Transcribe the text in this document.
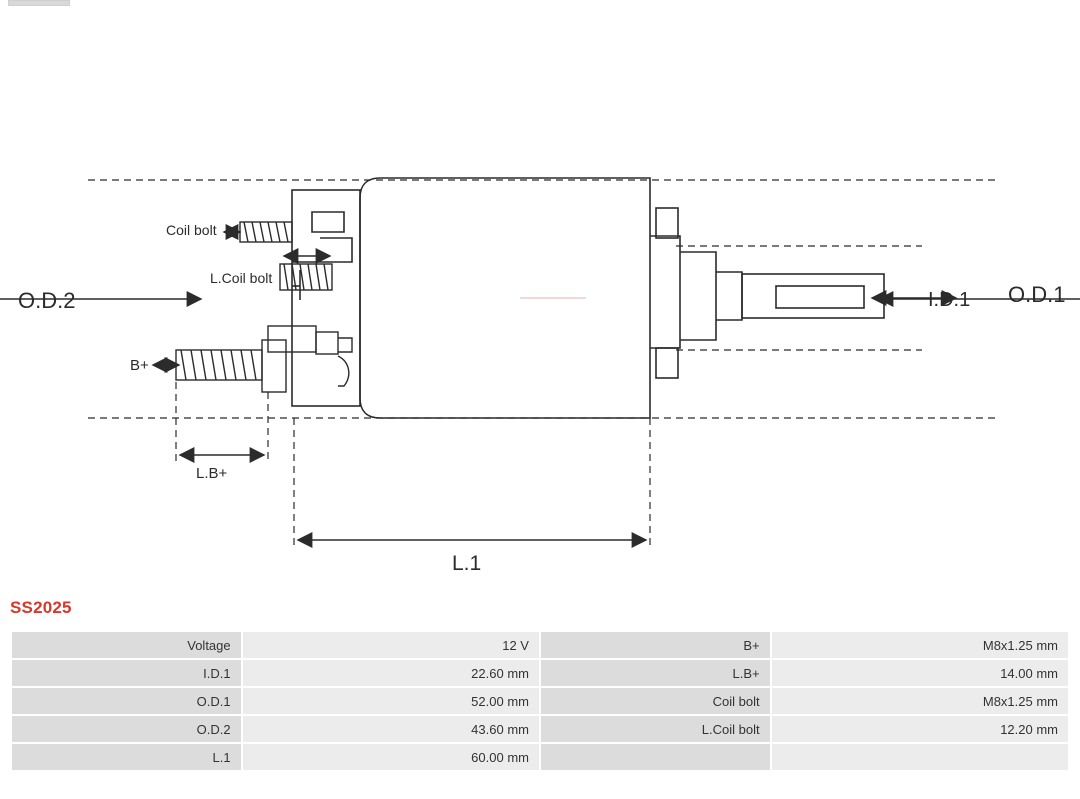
O.D.2	O.D.1
I.D.1
L.1
L.B+
B+
Coil bolt
L.Coil bolt
SS2025
Voltage	12 V	B+	M8x1.25 mm
I.D.1	22.60 mm	L.B+	14.00 mm
O.D.1	52.00 mm	Coil bolt	M8x1.25 mm
O.D.2	43.60 mm	L.Coil bolt	12.20 mm
L.1	60.00 mm		
